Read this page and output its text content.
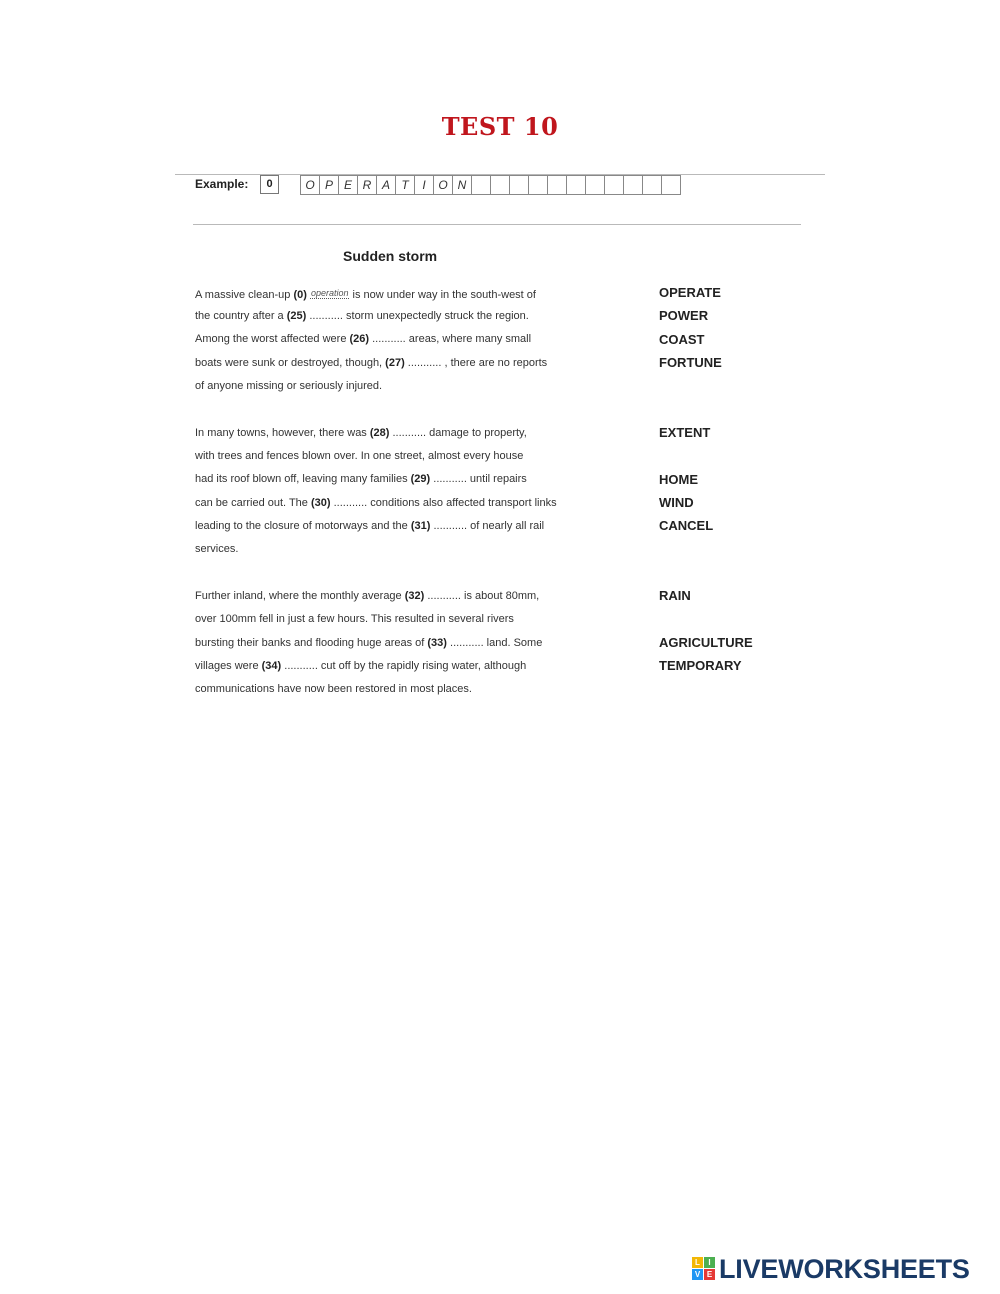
TEST 10
Example:	0	O P E R A T	I	O N
Sudden storm
A massive clean-up (0) operation is now under way in the south-west of
the country after a (25) ........... storm unexpectedly struck the region.
Among the worst affected were (26) ........... areas, where many small
boats were sunk or destroyed, though, (27) ........... , there are no reports
of anyone missing or seriously injured.
In many towns, however, there was (28) ........... damage to property,
with trees and fences blown over. In one street, almost every house
had its roof blown off, leaving many families (29) ........... until repairs
can be carried out. The (30) ........... conditions also affected transport links
leading to the closure of motorways and the (31) ........... of nearly all rail
services.
Further inland, where the monthly average (32) ........... is about 80mm,
over 100mm fell in just a few hours. This resulted in several rivers
bursting their banks and flooding huge areas of (33) ........... land. Some
villages were (34) ........... cut off by the rapidly rising water, although
communications have now been restored in most places.
OPERATE
POWER
COAST
FORTUNE
EXTENT
HOME
WIND
CANCEL
RAIN
AGRICULTURE
TEMPORARY
L	I
V E LIVEWORKSHEETS
